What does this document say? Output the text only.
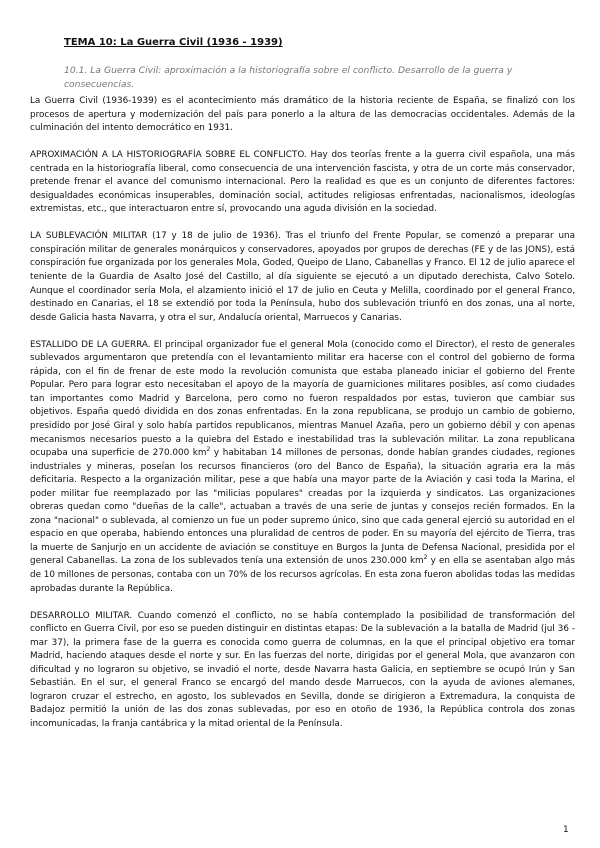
TEMA 10: La Guerra Civil (1936 - 1939)
10.1. La Guerra Civil: aproximación a la historiografía sobre el conflicto. Desarrollo de la guerra y consecuencias.

La Guerra Civil (1936-1939) es el acontecimiento más dramático de la historia reciente de España, se finalizó con los procesos de apertura y modernización del país para ponerlo a la altura de las democracias occidentales. Además de la culminación del intento democrático en 1931.

APROXIMACIÓN A LA HISTORIOGRAFÍA SOBRE EL CONFLICTO. Hay dos teorías frente a la guerra civil española, una más centrada en la historiografía liberal, como consecuencia de una intervención fascista, y otra de un corte más conservador, pretende frenar el avance del comunismo internacional. Pero la realidad es que es un conjunto de diferentes factores: desigualdades económicas insuperables, dominación social, actitudes religiosas enfrentadas, nacionalismos, ideologías extremistas, etc., que interactuaron entre sí, provocando una aguda división en la sociedad.

LA SUBLEVACIÓN MILITAR (17 y 18 de julio de 1936). Tras el triunfo del Frente Popular, se comenzó a preparar una conspiración militar de generales monárquicos y conservadores, apoyados por grupos de derechas (FE y de las JONS), está conspiración fue organizada por los generales Mola, Goded, Queipo de Llano, Cabanellas y Franco. El 12 de julio aparece el teniente de la Guardia de Asalto José del Castillo, al día siguiente se ejecutó a un diputado derechista, Calvo Sotelo. Aunque el coordinador sería Mola, el alzamiento inició el 17 de julio en Ceuta y Melilla, coordinado por el general Franco, destinado en Canarias, el 18 se extendió por toda la Península, hubo dos sublevación triunfó en dos zonas, una al norte, desde Galicia hasta Navarra, y otra el sur, Andalucía oriental, Marruecos y Canarias.

ESTALLIDO DE LA GUERRA. El principal organizador fue el general Mola (conocido como el Director), el resto de generales sublevados argumentaron que pretendía con el levantamiento militar era hacerse con el control del gobierno de forma rápida, con el fin de frenar de este modo la revolución comunista que estaba planeado iniciar el gobierno del Frente Popular. Pero para lograr esto necesitaban el apoyo de la mayoría de guarniciones militares posibles, así como ciudades tan importantes como Madrid y Barcelona, pero como no fueron respaldados por estas, tuvieron que cambiar sus objetivos. España quedó dividida en dos zonas enfrentadas. En la zona republicana, se produjo un cambio de gobierno, presidido por José Giral y solo había partidos republicanos, mientras Manuel Azaña, pero un gobierno débil y con apenas mecanismos necesarios puesto a la quiebra del Estado e inestabilidad tras la sublevación militar. La zona republicana ocupaba una superficie de 270.000 $km^2$ y habitaban 14 millones de personas, donde habían grandes ciudades, regiones industriales y mineras, poseían los recursos financieros (oro del Banco de España), la situación agraria era la más deficitaria. Respecto a la organización militar, pese a que había una mayor parte de la Aviación y casi toda la Marina, el poder militar fue reemplazado por las "milicias populares" creadas por la izquierda y sindicatos. Las organizaciones obreras quedan como "dueñas de la calle", actuaban a través de una serie de juntas y consejos recién formados. En la zona "nacional" o sublevada, al comienzo un fue un poder supremo único, sino que cada general ejerció su autoridad en el espacio en que operaba, habiendo entonces una pluralidad de centros de poder. En su mayoría del ejército de Tierra, tras la muerte de Sanjurjo en un accidente de aviación se constituye en Burgos la Junta de Defensa Nacional, presidida por el general Cabanellas. La zona de los sublevados tenía una extensión de unos 230.000 $km^2$ y en ella se asentaban algo más de 10 millones de personas, contaba con un 70% de los recursos agrícolas. En esta zona fueron abolidas todas las medidas aprobadas durante la República.

DESARROLLO MILITAR. Cuando comenzó el conflicto, no se había contemplado la posibilidad de transformación del conflicto en Guerra Civil, por eso se pueden distinguir en distintas etapas: De la sublevación a la batalla de Madrid (jul 36 - mar 37), la primera fase de la guerra es conocida como guerra de columnas, en la que el principal objetivo era tomar Madrid, haciendo ataques desde el norte y sur. En las fuerzas del norte, dirigidas por el general Mola, que avanzaron con dificultad y no lograron su objetivo, se invadió el norte, desde Navarra hasta Galicia, en septiembre se ocupó Irún y San Sebastián. En el sur, el general Franco se encargó del mando desde Marruecos, con la ayuda de aviones alemanes, lograron cruzar el estrecho, en agosto, los sublevados en Sevilla, donde se dirigieron a Extremadura, la conquista de Badajoz permitió la unión de las dos zonas sublevadas, por eso en otoño de 1936, la República controla dos zonas incomunicadas, la franja cantábrica y la mitad oriental de la Península.

1
